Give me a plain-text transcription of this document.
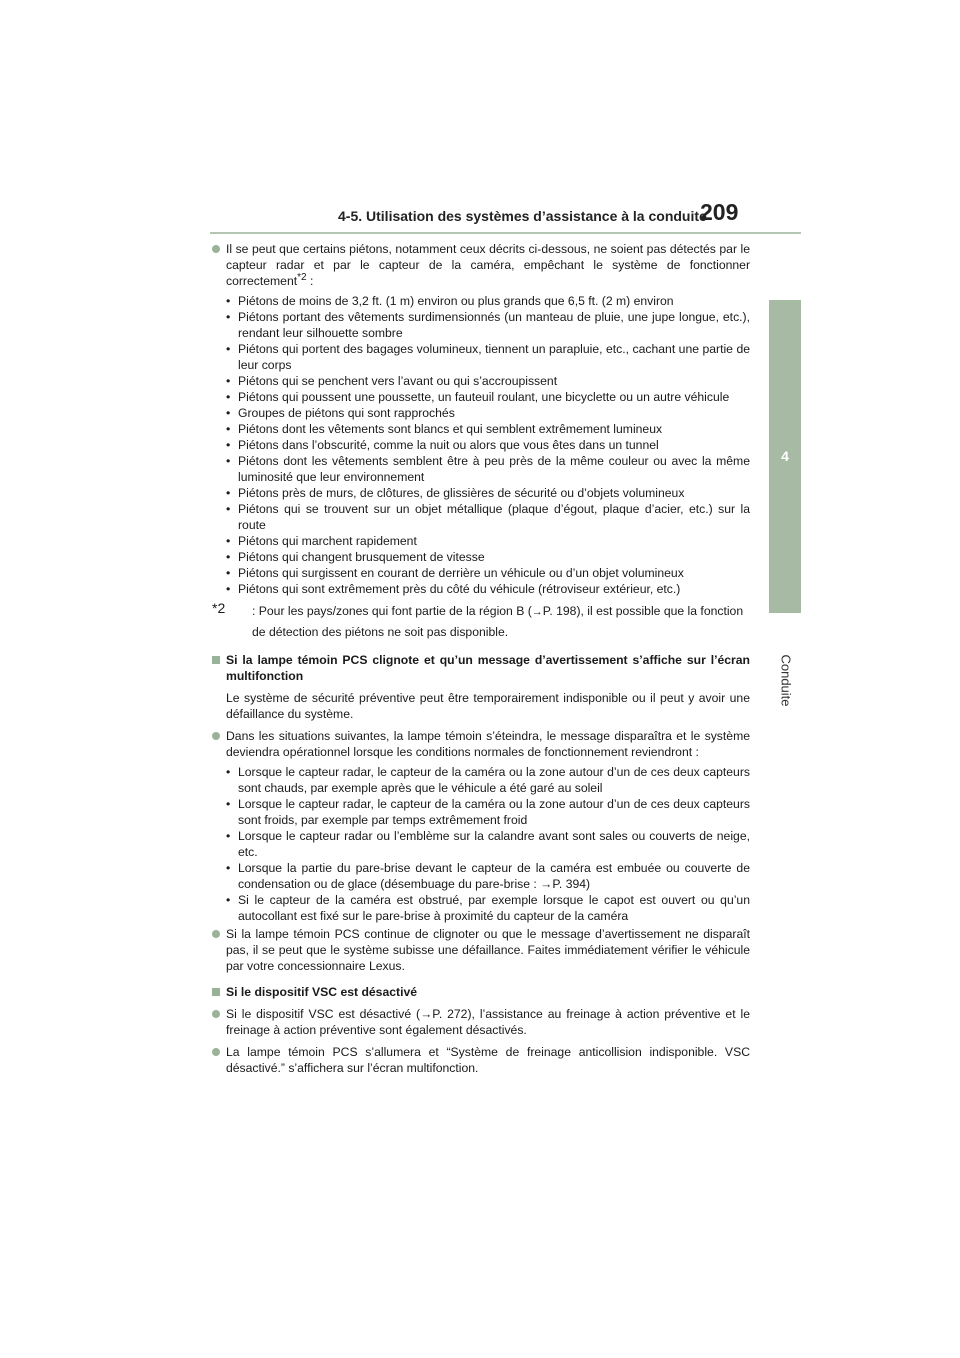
4-5. Utilisation des systèmes d’assistance à la conduite
209
4
Conduite
Il se peut que certains piétons, notamment ceux décrits ci-dessous, ne soient pas détectés par le capteur radar et par le capteur de la caméra, empêchant le système de fonctionner correctement$^{*2}$ :
• Piétons de moins de 3,2 ft. (1 m) environ ou plus grands que 6,5 ft. (2 m) environ
• Piétons portant des vêtements surdimensionnés (un manteau de pluie, une jupe longue, etc.), rendant leur silhouette sombre
• Piétons qui portent des bagages volumineux, tiennent un parapluie, etc., cachant une partie de leur corps
• Piétons qui se penchent vers l’avant ou qui s’accroupissent
• Piétons qui poussent une poussette, un fauteuil roulant, une bicyclette ou un autre véhicule
• Groupes de piétons qui sont rapprochés
• Piétons dont les vêtements sont blancs et qui semblent extrêmement lumineux
• Piétons dans l’obscurité, comme la nuit ou alors que vous êtes dans un tunnel
• Piétons dont les vêtements semblent être à peu près de la même couleur ou avec la même luminosité que leur environnement
• Piétons près de murs, de clôtures, de glissières de sécurité ou d’objets volumineux
• Piétons qui se trouvent sur un objet métallique (plaque d’égout, plaque d’acier, etc.) sur la route
• Piétons qui marchent rapidement
• Piétons qui changent brusquement de vitesse
• Piétons qui surgissent en courant de derrière un véhicule ou d’un objet volumineux
• Piétons qui sont extrêmement près du côté du véhicule (rétroviseur extérieur, etc.)
*2 : Pour les pays/zones qui font partie de la région B (→P. 198), il est possible que la fonction de détection des piétons ne soit pas disponible.
Si la lampe témoin PCS clignote et qu’un message d’avertissement s’affiche sur l’écran multifonction

Le système de sécurité préventive peut être temporairement indisponible ou il peut y avoir une défaillance du système.

Dans les situations suivantes, la lampe témoin s’éteindra, le message disparaîtra et le système deviendra opérationnel lorsque les conditions normales de fonctionnement reviendront :
• Lorsque le capteur radar, le capteur de la caméra ou la zone autour d’un de ces deux capteurs sont chauds, par exemple après que le véhicule a été garé au soleil
• Lorsque le capteur radar, le capteur de la caméra ou la zone autour d’un de ces deux capteurs sont froids, par exemple par temps extrêmement froid
• Lorsque le capteur radar ou l’emblème sur la calandre avant sont sales ou couverts de neige, etc.
• Lorsque la partie du pare-brise devant le capteur de la caméra est embuée ou couverte de condensation ou de glace (désembuage du pare-brise : →P. 394)
• Si le capteur de la caméra est obstrué, par exemple lorsque le capot est ouvert ou qu’un autocollant est fixé sur le pare-brise à proximité du capteur de la caméra
Si la lampe témoin PCS continue de clignoter ou que le message d’avertissement ne disparaît pas, il se peut que le système subisse une défaillance. Faites immédiatement vérifier le véhicule par votre concessionnaire Lexus.
Si le dispositif VSC est désactivé
Si le dispositif VSC est désactivé (→P. 272), l’assistance au freinage à action préventive et le freinage à action préventive sont également désactivés.
La lampe témoin PCS s’allumera et “Système de freinage anticollision indisponible. VSC désactivé.” s’affichera sur l’écran multifonction.
